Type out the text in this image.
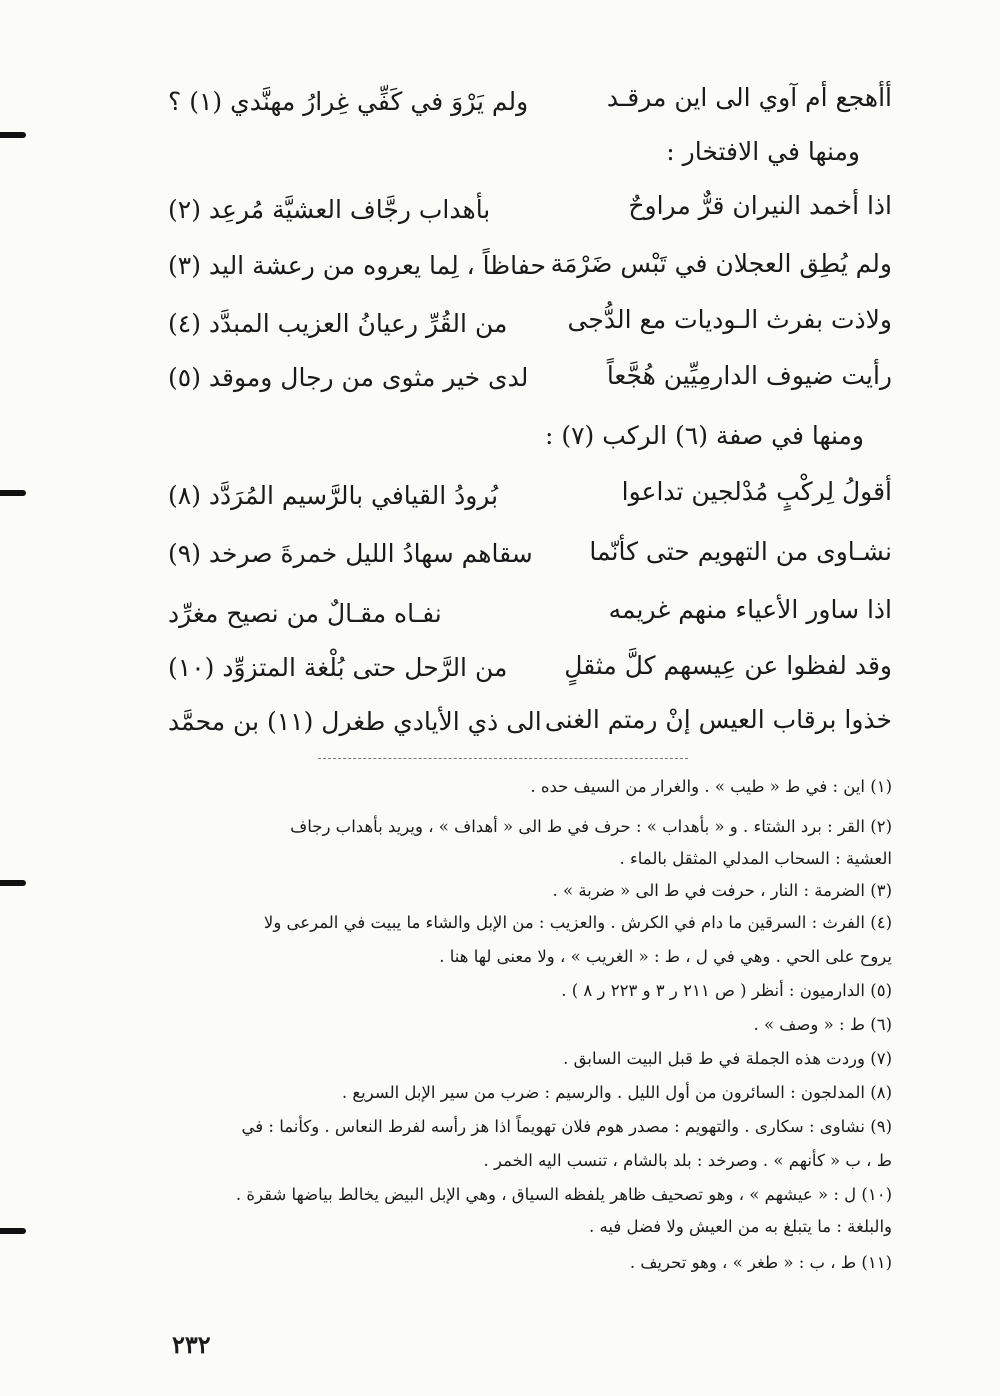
أأهجع أم آوي الى اين مرقـد
ولم يَرْوَ في كَفِّي غِرارُ مهنَّدي (١) ؟
ومنها في الافتخار :
اذا أخمد النيران قرٌّ مراوحٌ
بأهداب رجَّاف العشيَّة مُرعِد (٢)
ولم يُطِق العجلان في تَبْس ضَرْمَة
حفاظاً ، لِما يعروه من رعشة اليد (٣)
ولاذت بفرث الـوديات مع الدُّجى
من القُرِّ رعيانُ العزيب المبدَّد (٤)
رأيت ضيوف الدارمِيِّين هُجَّعاً
لدى خير مثوى من رجال وموقد (٥)
ومنها في صفة (٦) الركب (٧) :
أقولُ لِركْبٍ مُدْلجين تداعوا
بُرودُ القيافي بالرَّسيم المُرَدَّد (٨)
نشـاوى من التهويم حتى كأنّما
سقاهم سهادُ الليل خمرةَ صرخد (٩)
اذا ساور الأعياء منهم غريمه
نفـاه مقـالٌ من نصيح مغرِّد
وقد لفظوا عن عِيسهم كلَّ مثقلٍ
من الرَّحل حتى بُلْغة المتزوِّد (١٠)
خذوا برقاب العيس إنْ رمتم الغنى
الى ذي الأيادي طغرل (١١) بن محمَّد
(١) اين : في ط « طيب » . والغرار من السيف حده .
(٢) القر : برد الشتاء . و « بأهداب » : حرف في ط الى « أهداف » ، ويريد بأهداب رجاف
العشية : السحاب المدلي المثقل بالماء .
(٣) الضرمة : النار ، حرفت في ط الى « ضربة » .
(٤) الفرث : السرقين ما دام في الكرش . والعزيب : من الإبل والشاء ما يبيت في المرعى ولا
يروح على الحي . وهي في ل ، ط : « الغريب » ، ولا معنى لها هنا .
(٥) الدارميون : أنظر ( ص ٢١١ ر ٣ و ٢٢٣ ر ٨ ) .
(٦) ط : « وصف » .
(٧) وردت هذه الجملة في ط قبل البيت السابق .
(٨) المدلجون : السائرون من أول الليل . والرسيم : ضرب من سير الإبل السريع .
(٩) نشاوى : سكارى . والتهويم : مصدر هوم فلان تهويماً اذا هز رأسه لفرط النعاس . وكأنما : في
ط ، ب « كأنهم » . وصرخد : بلد بالشام ، تنسب اليه الخمر .
(١٠) ل : « عيشهم » ، وهو تصحيف ظاهر يلفظه السياق ، وهي الإبل البيض يخالط بياضها شقرة .
والبلغة : ما يتبلغ به من العيش ولا فضل فيه .
(١١) ط ، ب : « طغر » ، وهو تحريف .
٢٣٢
